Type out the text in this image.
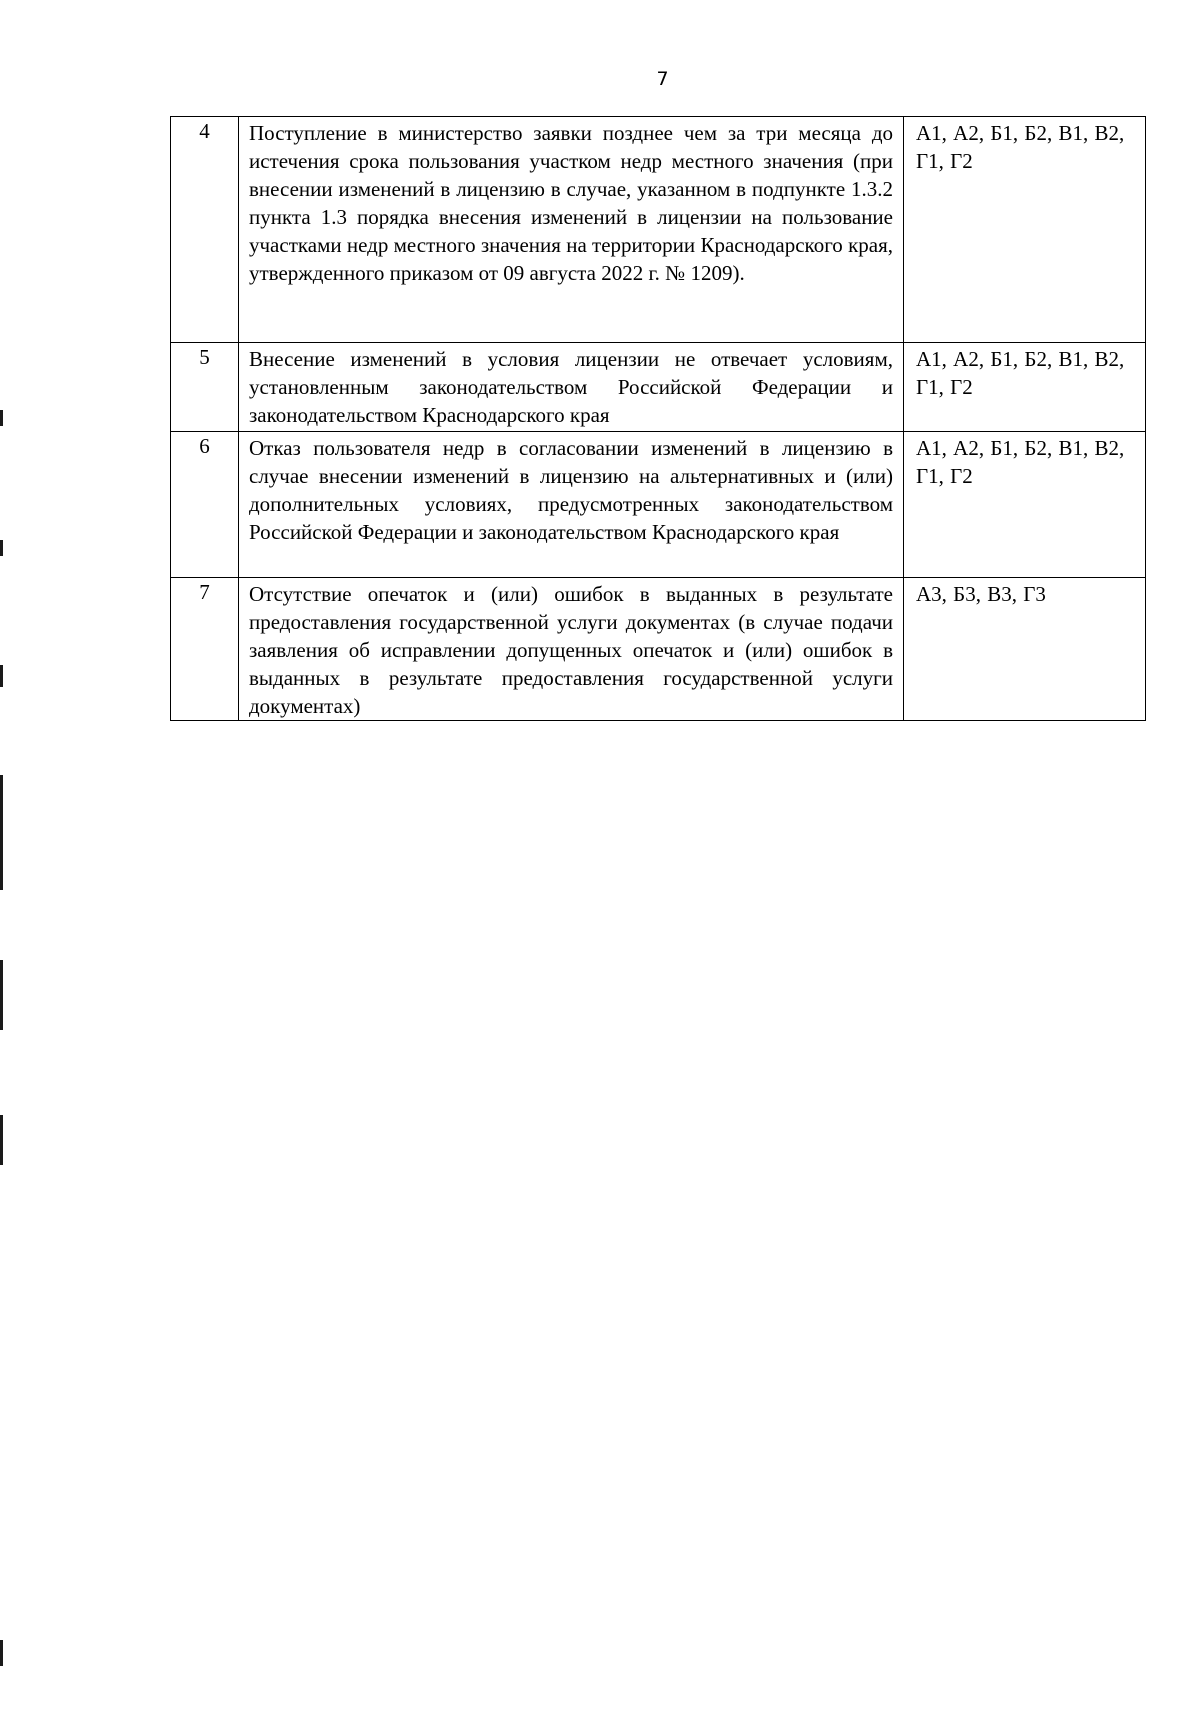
7
4	Поступление в министерство заявки позднее чем за три месяца до истечения срока пользования участком недр местного значения (при внесении изменений в лицензию в случае, указанном в подпункте 1.3.2 пункта 1.3 порядка внесения изменений в лицензии на пользование участками недр местного значения на территории Краснодарского края, утвержденного приказом от 09 августа 2022 г. № 1209).	А1, А2, Б1, Б2, В1, В2, Г1, Г2
5	Внесение изменений в условия лицензии не отвечает условиям, установленным законодательством Российской Федерации и законодательством Краснодарского края	А1, А2, Б1, Б2, В1, В2, Г1, Г2
6	Отказ пользователя недр в согласовании изменений в лицензию в случае внесении изменений в лицензию на альтернативных и (или) дополнительных условиях, предусмотренных законодательством Российской Федерации и законодательством Краснодарского края	А1, А2, Б1, Б2, В1, В2, Г1, Г2
7	Отсутствие опечаток и (или) ошибок в выданных в результате предоставления государственной услуги документах (в случае подачи заявления об исправлении допущенных опечаток и (или) ошибок в выданных в результате предоставления государственной услуги документах)	А3, Б3, В3, Г3
